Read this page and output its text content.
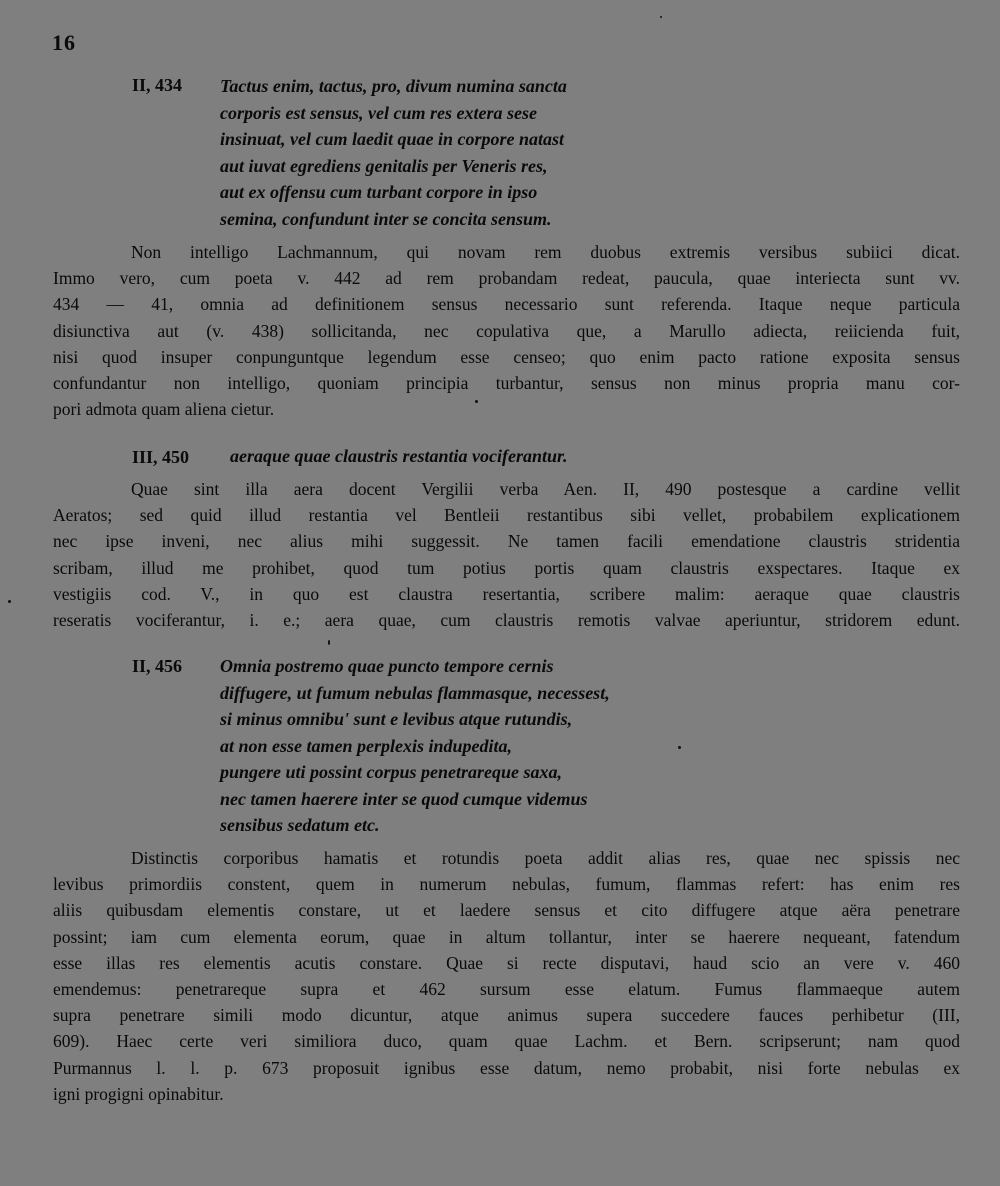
16
II, 434 Tactus enim, tactus, pro, divum numina sancta
corporis est sensus, vel cum res extera sese
insinuat, vel cum laedit quae in corpore natast
aut iuvat egrediens genitalis per Veneris res,
aut ex offensu cum turbant corpore in ipso
semina, confundunt inter se concita sensum.
Non intelligo Lachmannum, qui novam rem duobus extremis versibus subiici dicat.
Immo vero, cum poeta v. 442 ad rem probandam redeat, paucula, quae interiecta sunt vv.
434 — 41, omnia ad definitionem sensus necessario sunt referenda. Itaque neque particula
disiunctiva aut (v. 438) sollicitanda, nec copulativa que, a Marullo adiecta, reiicienda fuit,
nisi quod insuper conpunguntque legendum esse censeo; quo enim pacto ratione exposita sensus
confundantur non intelligo, quoniam principia turbantur, sensus non minus propria manu cor-
pori admota quam aliena cietur.
III, 450 aeraque quae claustris restantia vociferantur.
Quae sint illa aera docent Vergilii verba Aen. II, 490 postesque a cardine vellit
Aeratos; sed quid illud restantia vel Bentleii restantibus sibi vellet, probabilem explicationem
nec ipse inveni, nec alius mihi suggessit. Ne tamen facili emendatione claustris stridentia
scribam, illud me prohibet, quod tum potius portis quam claustris exspectares. Itaque ex
vestigiis cod. V., in quo est claustra resertantia, scribere malim: aeraque quae claustris
reseratis vociferantur, i. e.; aera quae, cum claustris remotis valvae aperiuntur, stridorem edunt.
II, 456 Omnia postremo quae puncto tempore cernis
diffugere, ut fumum nebulas flammasque, necessest,
si minus omnibu' sunt e levibus atque rutundis,
at non esse tamen perplexis indupedita,
pungere uti possint corpus penetrareque saxa,
nec tamen haerere inter se quod cumque videmus
sensibus sedatum etc.
Distinctis corporibus hamatis et rotundis poeta addit alias res, quae nec spissis nec
levibus primordiis constent, quem in numerum nebulas, fumum, flammas refert: has enim res
aliis quibusdam elementis constare, ut et laedere sensus et cito diffugere atque aëra penetrare
possint; iam cum elementa eorum, quae in altum tollantur, inter se haerere nequeant, fatendum
esse illas res elementis acutis constare. Quae si recte disputavi, haud scio an vere v. 460
emendemus: penetrareque supra et 462 sursum esse elatum. Fumus flammaeque autem
supra penetrare simili modo dicuntur, atque animus supera succedere fauces perhibetur (III,
609). Haec certe veri similiora duco, quam quae Lachm. et Bern. scripserunt; nam quod
Purmannus l. l. p. 673 proposuit ignibus esse datum, nemo probabit, nisi forte nebulas ex
igni progigni opinabitur.
